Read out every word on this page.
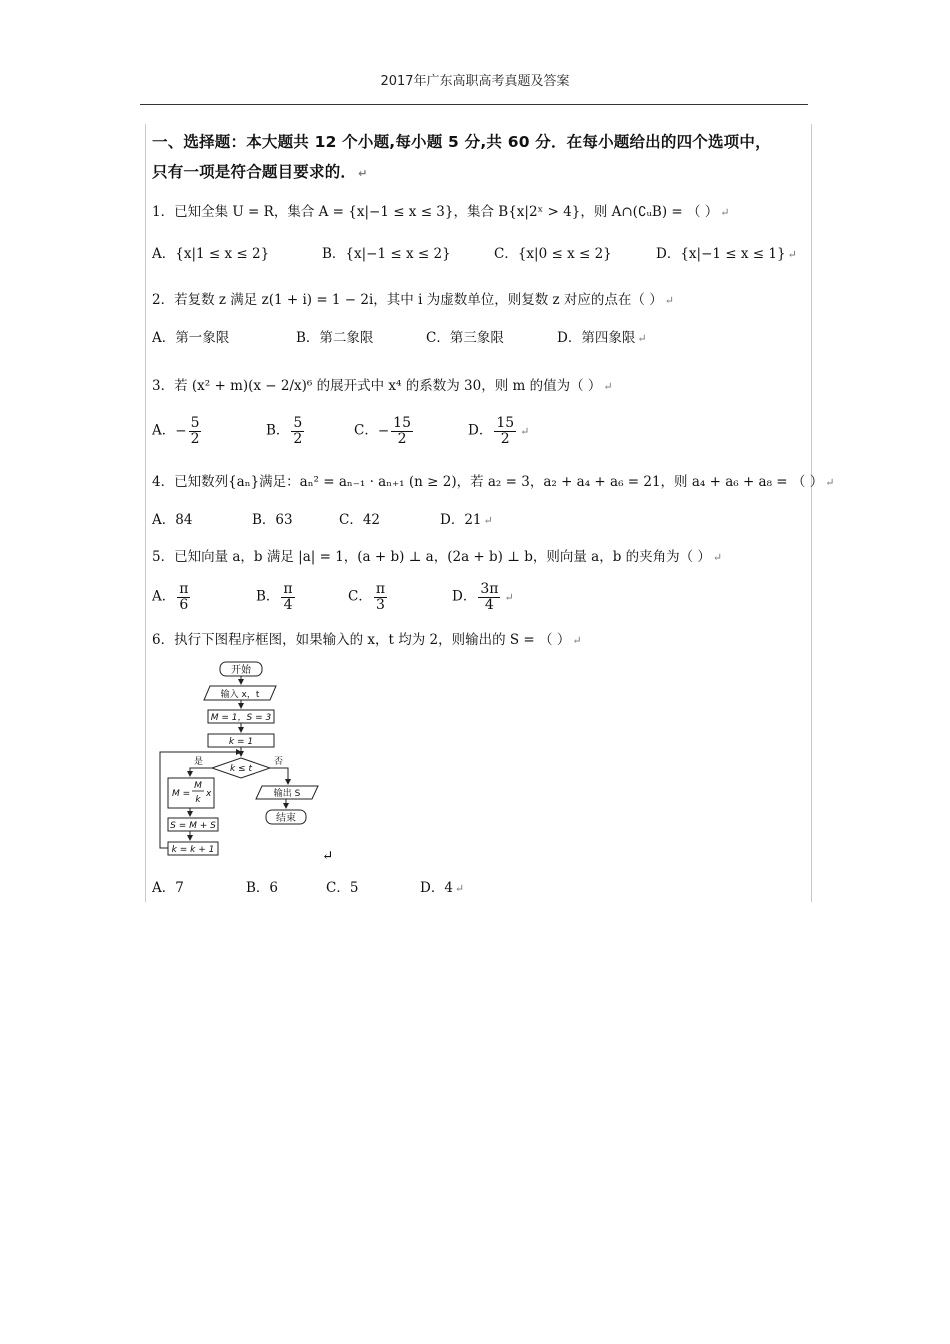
2017年广东高职高考真题及答案
一、选择题：本大题共 12 个小题,每小题 5 分,共 60 分．在每小题给出的四个选项中，
只有一项是符合题目要求的． ↵
1．已知全集 U = R，集合 A = {x|−1 ≤ x ≤ 3}，集合 B{x|2ˣ > 4}，则 A∩(∁ᵤB) = （ ） ↵
A．{x|1 ≤ x ≤ 2}	B．{x|−1 ≤ x ≤ 2}	C．{x|0 ≤ x ≤ 2}	D．{x|−1 ≤ x ≤ 1} ↵
2．若复数 z 满足 z(1 + i) = 1 − 2i，其中 i 为虚数单位，则复数 z 对应的点在（ ） ↵
A．第一象限	B．第二象限	C．第三象限	D．第四象限 ↵
3．若 (x² + m)(x − 2/x)⁶ 的展开式中 x⁴ 的系数为 30，则 m 的值为（ ） ↵
A．− $\frac{5}{2}$	B． $\frac{5}{2}$	C．− $\frac{15}{2}$	D． $\frac{15}{2}$ ↵
4．已知数列{aₙ}满足：aₙ² = aₙ₋₁ · aₙ₊₁ (n ≥ 2)，若 a₂ = 3，a₂ + a₄ + a₆ = 21，则 a₄ + a₆ + a₈ = （ ） ↵
A．84	B．63	C．42	D．21 ↵
5．已知向量 a，b 满足 |a| = 1，(a + b) ⊥ a，(2a + b) ⊥ b，则向量 a，b 的夹角为（ ） ↵
A． $\frac{\pi}{6}$	B． $\frac{\pi}{4}$	C． $\frac{\pi}{3}$	D． $\frac{3\pi}{4}$ ↵
6．执行下图程序框图，如果输入的 x，t 均为 2，则输出的 S = （ ） ↵
开始
输入 x，t
M = 1，S = 3
k = 1
k ≤ t
是	否
M =
M
k
x
S = M + S
k = k + 1
输出 S
结束
↵
A．7	B．6	C．5	D．4 ↵
